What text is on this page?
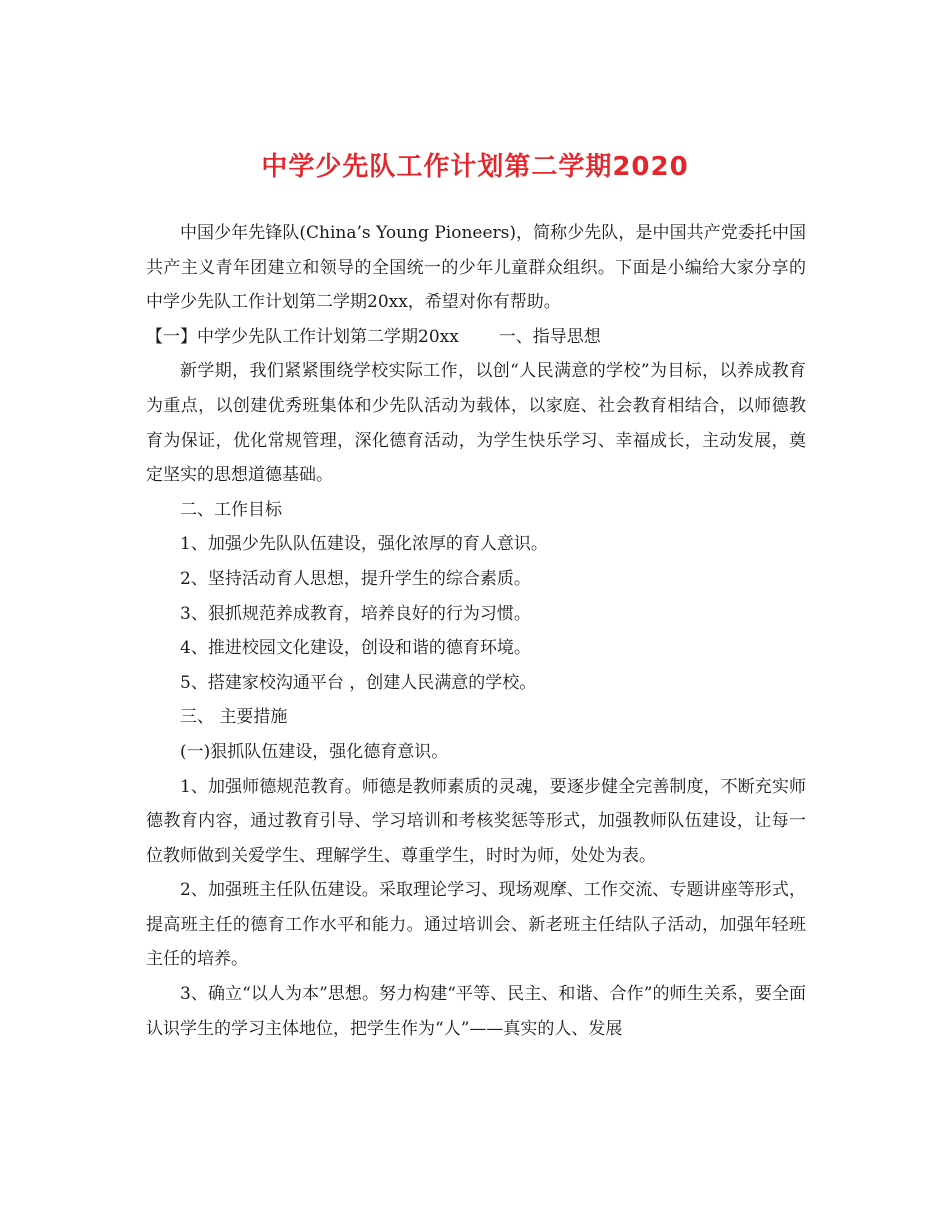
中学少先队工作计划第二学期2020

中国少年先锋队(China’s Young Pioneers)，简称少先队，是中国共产党委托中国共产主义青年团建立和领导的全国统一的少年儿童群众组织。下面是小编给大家分享的中学少先队工作计划第二学期20xx，希望对你有帮助。

【一】中学少先队工作计划第二学期20xx 一、指导思想

新学期，我们紧紧围绕学校实际工作，以创“人民满意的学校”为目标，以养成教育为重点，以创建优秀班集体和少先队活动为载体，以家庭、社会教育相结合，以师德教育为保证，优化常规管理，深化德育活动，为学生快乐学习、幸福成长，主动发展，奠定坚实的思想道德基础。

二、工作目标

1、加强少先队队伍建设，强化浓厚的育人意识。

2、坚持活动育人思想，提升学生的综合素质。

3、狠抓规范养成教育，培养良好的行为习惯。

4、推进校园文化建设，创设和谐的德育环境。

5、搭建家校沟通平台 ，创建人民满意的学校。

三、 主要措施

(一)狠抓队伍建设，强化德育意识。

1、加强师德规范教育。师德是教师素质的灵魂，要逐步健全完善制度，不断充实师德教育内容，通过教育引导、学习培训和考核奖惩等形式，加强教师队伍建设，让每一位教师做到关爱学生、理解学生、尊重学生，时时为师，处处为表。

2、加强班主任队伍建设。采取理论学习、现场观摩、工作交流、专题讲座等形式，提高班主任的德育工作水平和能力。通过培训会、新老班主任结队子活动，加强年轻班主任的培养。

3、确立“以人为本”思想。努力构建“平等、民主、和谐、合作”的师生关系，要全面认识学生的学习主体地位，把学生作为“人”——真实的人、发展
